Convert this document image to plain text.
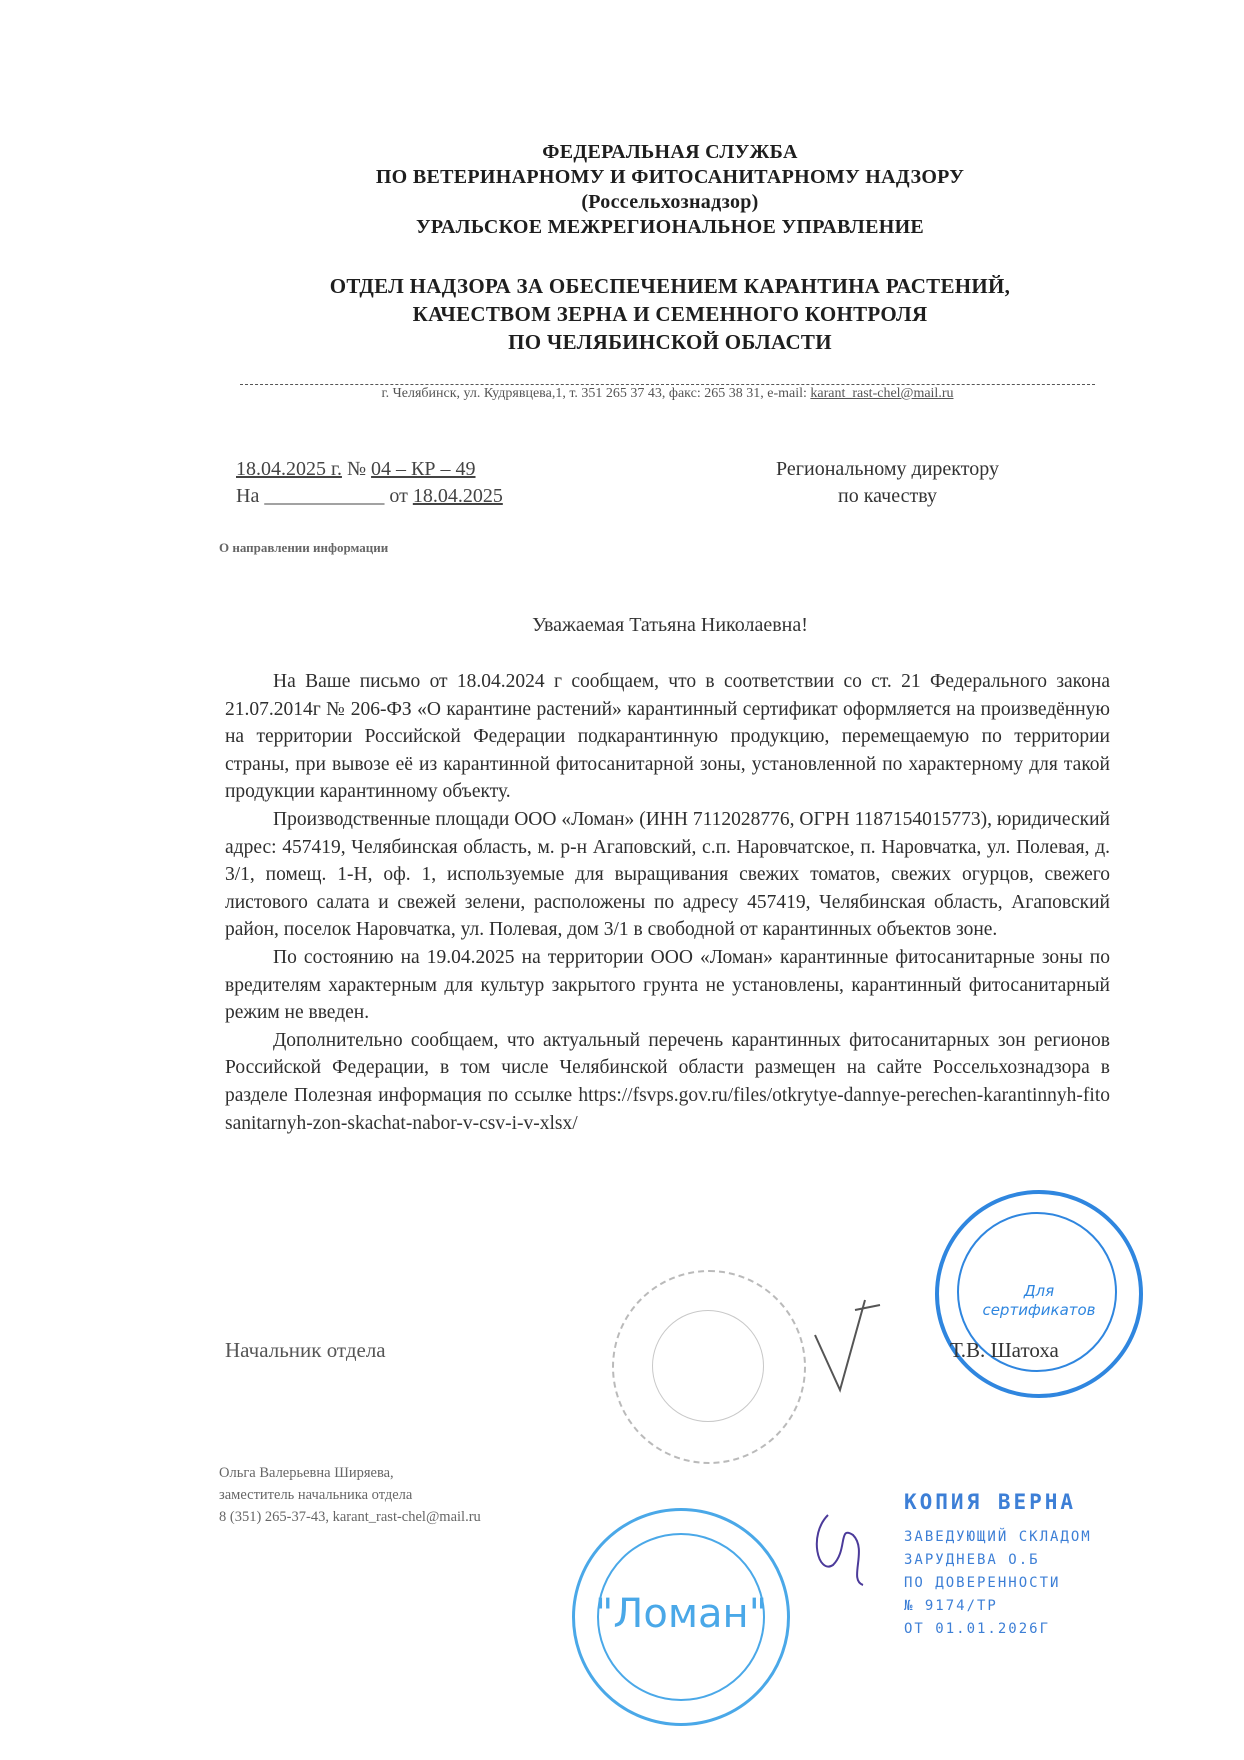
ФЕДЕРАЛЬНАЯ СЛУЖБА
ПО ВЕТЕРИНАРНОМУ И ФИТОСАНИТАРНОМУ НАДЗОРУ
(Россельхознадзор)
УРАЛЬСКОЕ МЕЖРЕГИОНАЛЬНОЕ УПРАВЛЕНИЕ
ОТДЕЛ НАДЗОРА ЗА ОБЕСПЕЧЕНИЕМ КАРАНТИНА РАСТЕНИЙ,
КАЧЕСТВОМ ЗЕРНА И СЕМЕННОГО КОНТРОЛЯ
ПО ЧЕЛЯБИНСКОЙ ОБЛАСТИ
г. Челябинск, ул. Кудрявцева,1, т. 351 265 37 43, факс: 265 38 31, e-mail: karant_rast-chel@mail.ru
18.04.2025 г. № 04 – КР – 49
На ____________ от 18.04.2025
Региональному директору
по качеству
О направлении информации
Уважаемая Татьяна Николаевна!

На Ваше письмо от 18.04.2024 г сообщаем, что в соответствии со ст. 21 Федерального закона 21.07.2014г № 206-ФЗ «О карантине растений» карантинный сертификат оформляется на произведённую на территории Российской Федерации подкарантинную продукцию, перемещаемую по территории страны, при вывозе её из карантинной фитосанитарной зоны, установленной по характерному для такой продукции карантинному объекту.

Производственные площади ООО «Ломан» (ИНН 7112028776, ОГРН 1187154015773), юридический адрес: 457419, Челябинская область, м. р-н Агаповский, с.п. Наровчатское, п. Наровчатка, ул. Полевая, д. 3/1, помещ. 1-Н, оф. 1, используемые для выращивания свежих томатов, свежих огурцов, свежего листового салата и свежей зелени, расположены по адресу 457419, Челябинская область, Агаповский район, поселок Наровчатка, ул. Полевая, дом 3/1 в свободной от карантинных объектов зоне.

По состоянию на 19.04.2025 на территории ООО «Ломан» карантинные фитосанитарные зоны по вредителям характерным для культур закрытого грунта не установлены, карантинный фитосанитарный режим не введен.

Дополнительно сообщаем, что актуальный перечень карантинных фитосанитарных зон регионов Российской Федерации, в том числе Челябинской области размещен на сайте Россельхознадзора в разделе Полезная информация по ссылке https://fsvps.gov.ru/files/otkrytye-dannye-perechen-karantinnyh-fitosanitarnyh-zon-skachat-nabor-v-csv-i-v-xlsx/

Для
сертификатов
Начальник отдела	Т.В. Шатоха
Ольга Валерьевна Ширяева,
заместитель начальника отдела
8 (351) 265-37-43, karant_rast-chel@mail.ru
"Ломан"
КОПИЯ ВЕРНА
ЗАВЕДУЮЩИЙ СКЛАДОМ
ЗАРУДНЕВА О.Б
ПО ДОВЕРЕННОСТИ
№ 9174/ТР
ОТ 01.01.2026Г
